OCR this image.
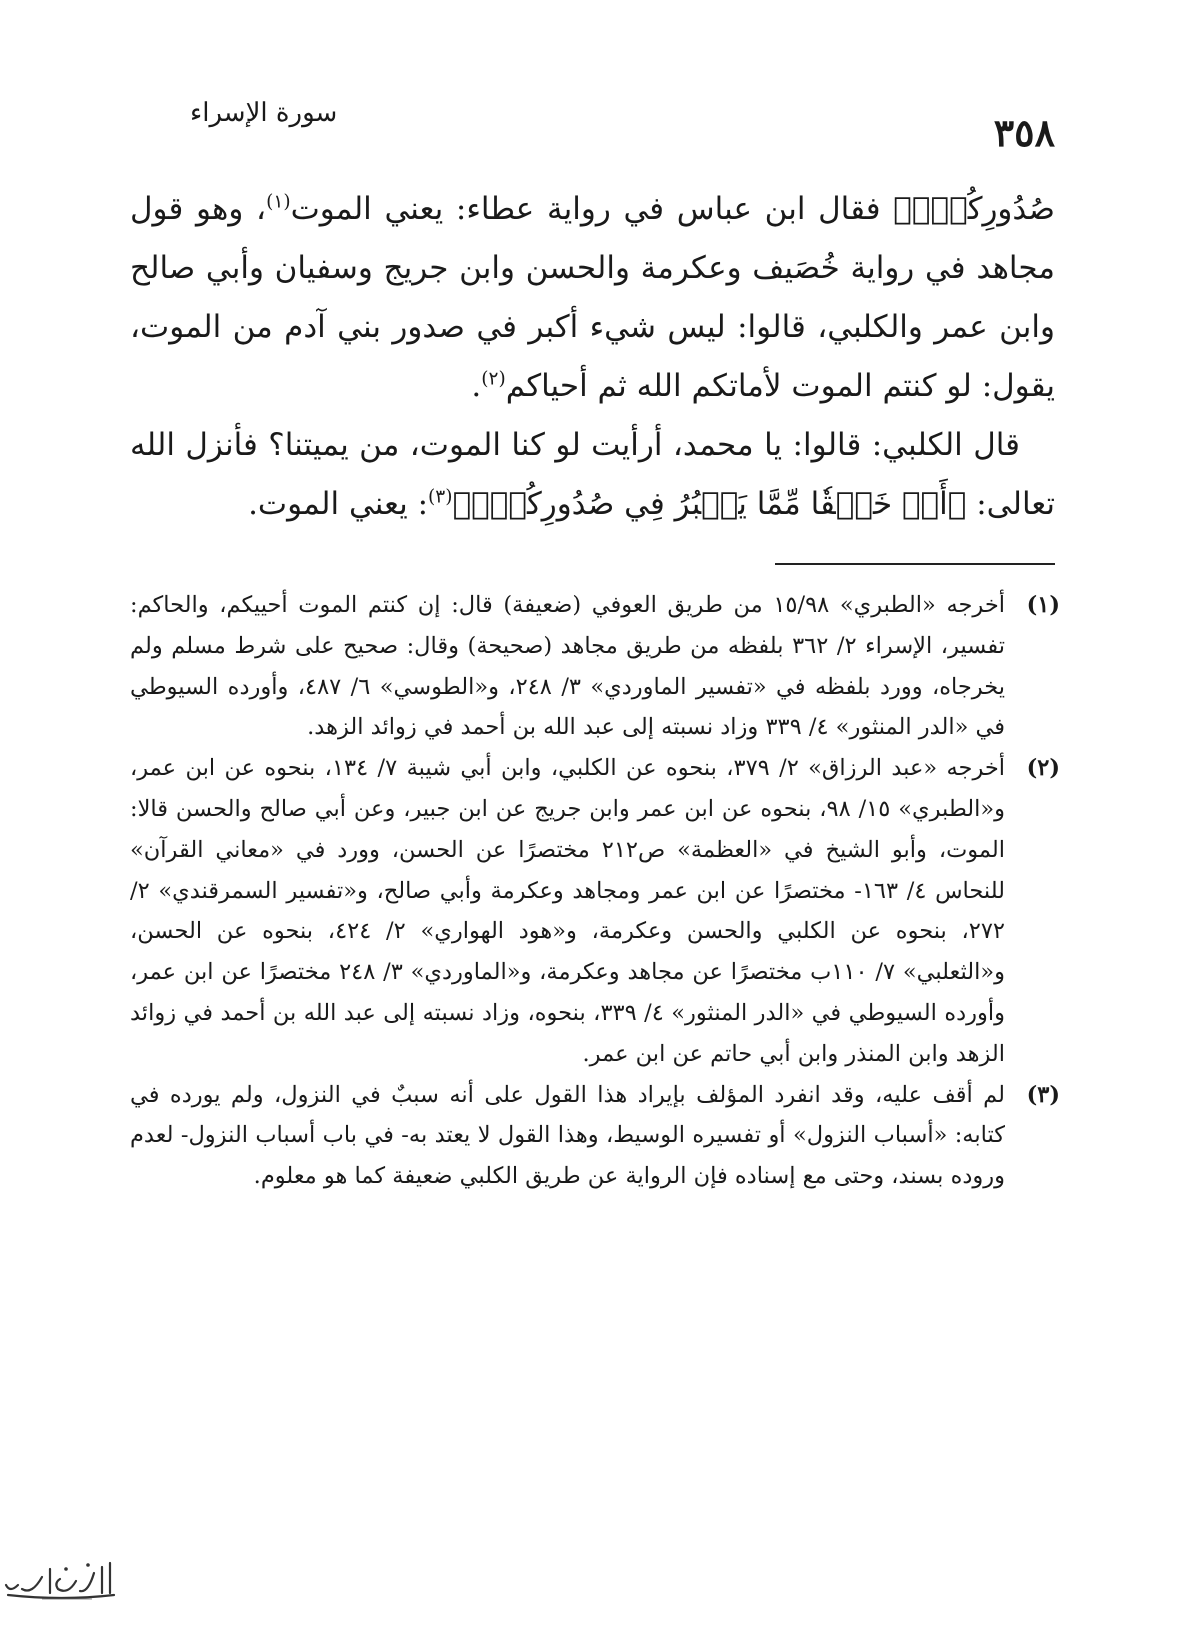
٣٥٨
سورة الإسراء

صُدُورِكُمۡۚ﴾ فقال ابن عباس في رواية عطاء: يعني الموت$^{(١)}$، وهو قول مجاهد في رواية خُصَيف وعكرمة والحسن وابن جريج وسفيان وأبي صالح وابن عمر والكلبي، قالوا: ليس شيء أكبر في صدور بني آدم من الموت، يقول: لو كنتم الموت لأماتكم الله ثم أحياكم$^{(٢)}$.

قال الكلبي: قالوا: يا محمد، أرأيت لو كنا الموت، من يميتنا؟ فأنزل الله تعالى: ﴿أَوۡ خَلۡقٗا مِّمَّا يَكۡبُرُ فِي صُدُورِكُمۡۚ﴾$^{(٣)}$: يعني الموت.

(١)
أخرجه «الطبري» ١٥/٩٨ من طريق العوفي (ضعيفة) قال: إن كنتم الموت أحييكم، والحاكم: تفسير، الإسراء ٢/ ٣٦٢ بلفظه من طريق مجاهد (صحيحة) وقال: صحيح على شرط مسلم ولم يخرجاه، وورد بلفظه في «تفسير الماوردي» ٣/ ٢٤٨، و«الطوسي» ٦/ ٤٨٧، وأورده السيوطي في «الدر المنثور» ٤/ ٣٣٩ وزاد نسبته إلى عبد الله بن أحمد في زوائد الزهد.

(٢)
أخرجه «عبد الرزاق» ٢/ ٣٧٩، بنحوه عن الكلبي، وابن أبي شيبة ٧/ ١٣٤، بنحوه عن ابن عمر، و«الطبري» ١٥/ ٩٨، بنحوه عن ابن عمر وابن جريج عن ابن جبير، وعن أبي صالح والحسن قالا: الموت، وأبو الشيخ في «العظمة» ص٢١٢ مختصرًا عن الحسن، وورد في «معاني القرآن» للنحاس ٤/ ١٦٣- مختصرًا عن ابن عمر ومجاهد وعكرمة وأبي صالح، و«تفسير السمرقندي» ٢/ ٢٧٢، بنحوه عن الكلبي والحسن وعكرمة، و«هود الهواري» ٢/ ٤٢٤، بنحوه عن الحسن، و«الثعلبي» ٧/ ١١٠ب مختصرًا عن مجاهد وعكرمة، و«الماوردي» ٣/ ٢٤٨ مختصرًا عن ابن عمر، وأورده السيوطي في «الدر المنثور» ٤/ ٣٣٩، بنحوه، وزاد نسبته إلى عبد الله بن أحمد في زوائد الزهد وابن المنذر وابن أبي حاتم عن ابن عمر.

(٣)
لم أقف عليه، وقد انفرد المؤلف بإيراد هذا القول على أنه سببٌ في النزول، ولم يورده في كتابه: «أسباب النزول» أو تفسيره الوسيط، وهذا القول لا يعتد به- في باب أسباب النزول- لعدم وروده بسند، وحتى مع إسناده فإن الرواية عن طريق الكلبي ضعيفة كما هو معلوم.
